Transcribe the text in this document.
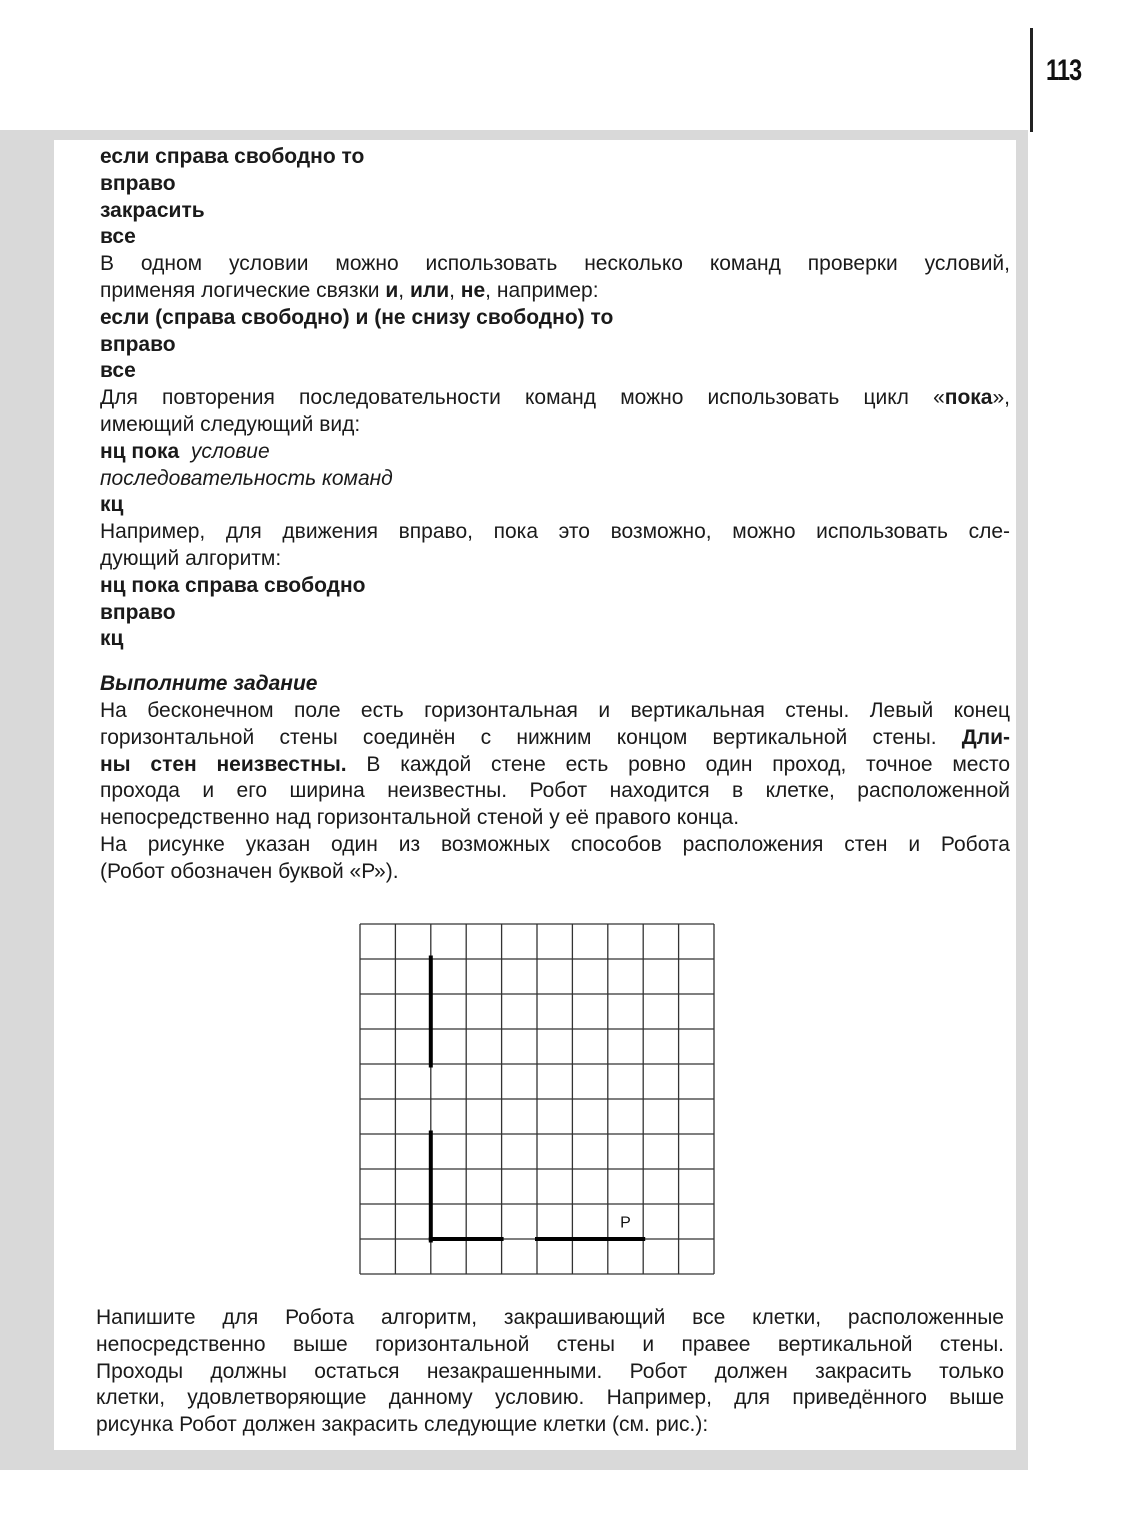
113
если справа свободно то
вправо
закрасить
все
В одном условии можно использовать несколько команд проверки условий,
применяя логические связки и, или, не, например:
если (справа свободно) и (не снизу свободно) то
вправо
все
Для повторения последовательности команд можно использовать цикл «пока»,
имеющий следующий вид:
нц пока условие
последовательность команд
кц
Например, для движения вправо, пока это возможно, можно использовать сле-
дующий алгоритм:
нц пока справа свободно
вправо
кц
Выполните задание
На бесконечном поле есть горизонтальная и вертикальная стены. Левый конец
горизонтальной стены соединён с нижним концом вертикальной стены. Дли-
ны стен неизвестны. В каждой стене есть ровно один проход, точное место
прохода и его ширина неизвестны. Робот находится в клетке, расположенной
непосредственно над горизонтальной стеной у её правого конца.
На рисунке указан один из возможных способов расположения стен и Робота
(Робот обозначен буквой «Р»).
Р
Напишите для Робота алгоритм, закрашивающий все клетки, расположенные
непосредственно выше горизонтальной стены и правее вертикальной стены.
Проходы должны остаться незакрашенными. Робот должен закрасить только
клетки, удовлетворяющие данному условию. Например, для приведённого выше
рисунка Робот должен закрасить следующие клетки (см. рис.):
